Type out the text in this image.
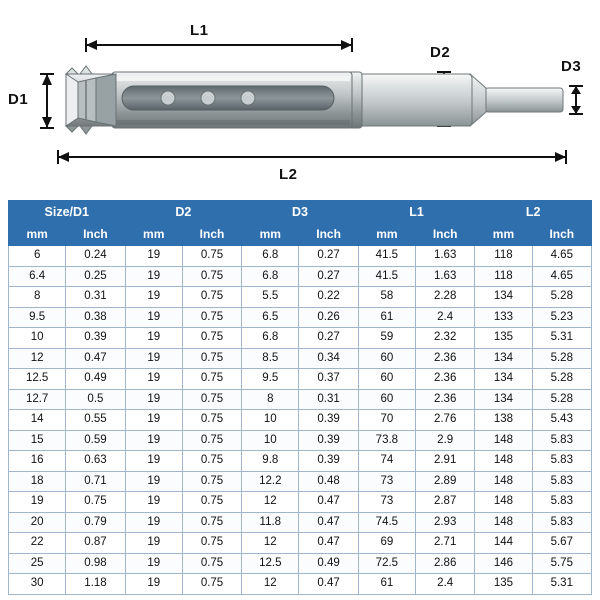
L1
L2
D1
D2
D3
Size/D1		D2		D3		L1		L2	
mm	Inch	mm	Inch	mm	Inch	mm	Inch	mm	Inch
6	0.24	19	0.75	6.8	0.27	41.5	1.63	118	4.65
6.4	0.25	19	0.75	6.8	0.27	41.5	1.63	118	4.65
8	0.31	19	0.75	5.5	0.22	58	2.28	134	5.28
9.5	0.38	19	0.75	6.5	0.26	61	2.4	133	5.23
10	0.39	19	0.75	6.8	0.27	59	2.32	135	5.31
12	0.47	19	0.75	8.5	0.34	60	2.36	134	5.28
12.5	0.49	19	0.75	9.5	0.37	60	2.36	134	5.28
12.7	0.5	19	0.75	8	0.31	60	2.36	134	5.28
14	0.55	19	0.75	10	0.39	70	2.76	138	5.43
15	0.59	19	0.75	10	0.39	73.8	2.9	148	5.83
16	0.63	19	0.75	9.8	0.39	74	2.91	148	5.83
18	0.71	19	0.75	12.2	0.48	73	2.89	148	5.83
19	0.75	19	0.75	12	0.47	73	2.87	148	5.83
20	0.79	19	0.75	11.8	0.47	74.5	2.93	148	5.83
22	0.87	19	0.75	12	0.47	69	2.71	144	5.67
25	0.98	19	0.75	12.5	0.49	72.5	2.86	146	5.75
30	1.18	19	0.75	12	0.47	61	2.4	135	5.31
